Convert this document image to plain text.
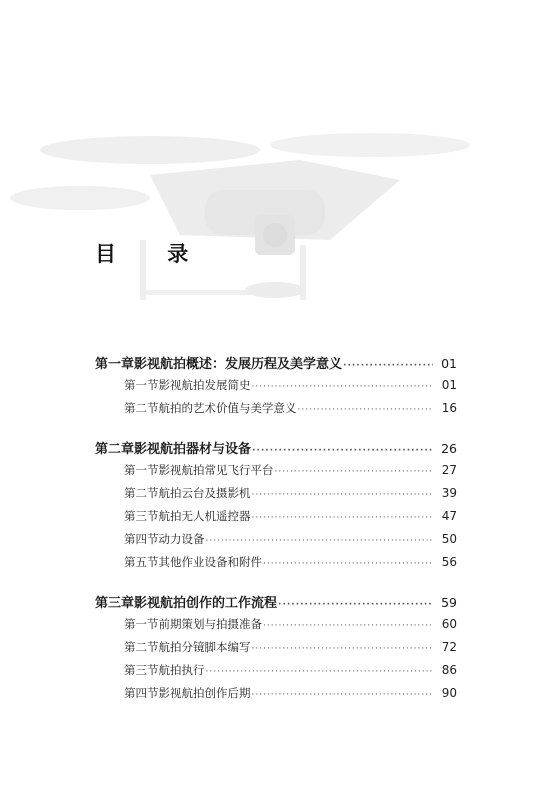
目 录
第一章 影视航拍概述：发展历程及美学意义 ·····	01
第一节 影视航拍发展简史 ·····	01
第二节 航拍的艺术价值与美学意义 ·····	16
第二章 影视航拍器材与设备 ·····	26
第一节 影视航拍常见飞行平台 ·····	27
第二节 航拍云台及摄影机 ·····	39
第三节 航拍无人机遥控器 ·····	47
第四节 动力设备 ·····	50
第五节 其他作业设备和附件 ·····	56
第三章 影视航拍创作的工作流程 ·····	59
第一节 前期策划与拍摄准备 ·····	60
第二节 航拍分镜脚本编写 ·····	72
第三节 航拍执行 ·····	86
第四节 影视航拍创作后期 ·····	90
